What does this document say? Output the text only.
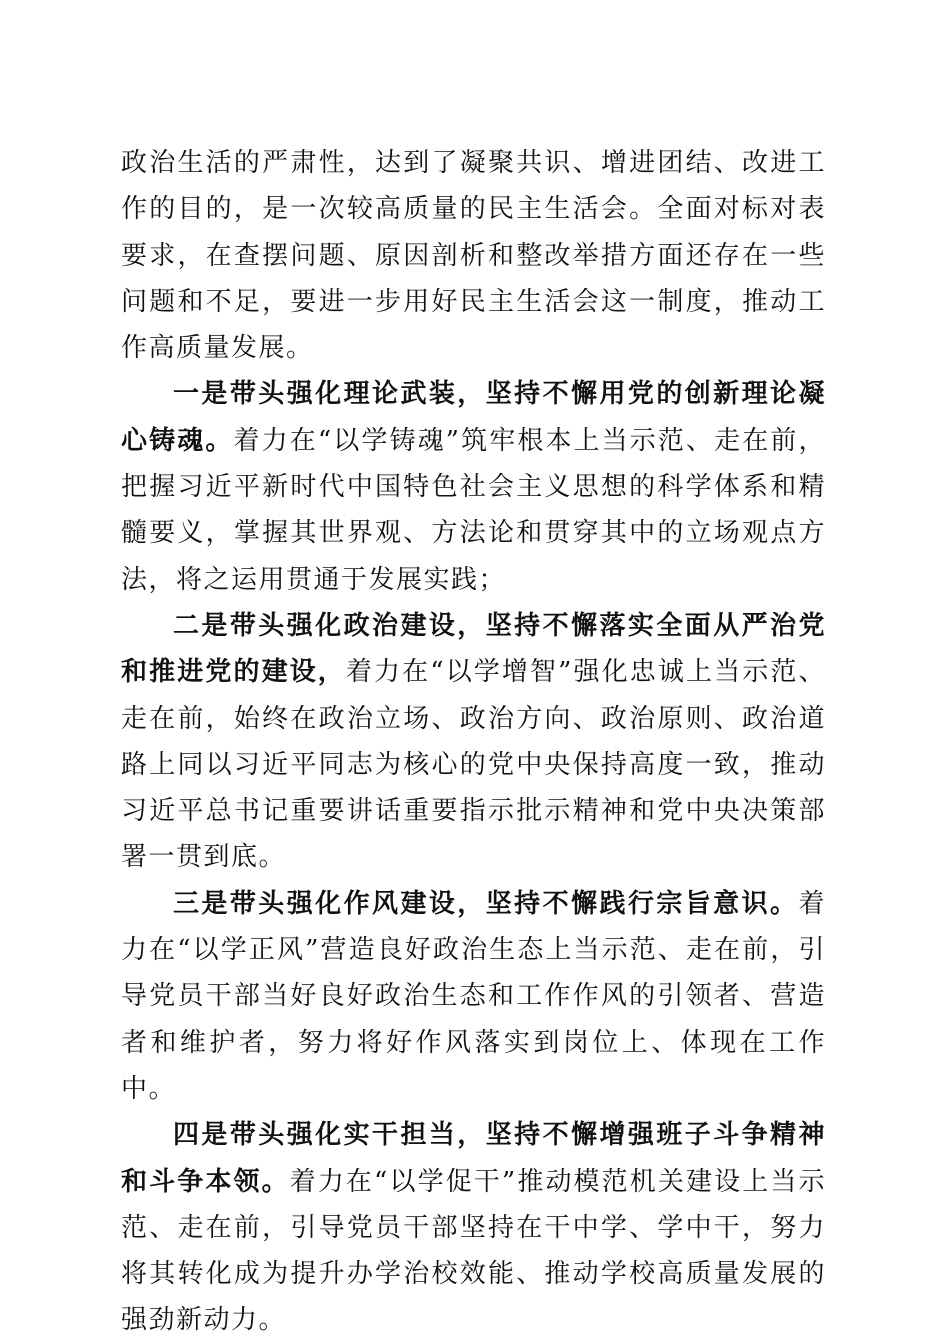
政治生活的严肃性，达到了凝聚共识、增进团结、改进工作的目的，是一次较高质量的民主生活会。全面对标对表要求，在查摆问题、原因剖析和整改举措方面还存在一些问题和不足，要进一步用好民主生活会这一制度，推动工作高质量发展。

一是带头强化理论武装，坚持不懈用党的创新理论凝心铸魂。着力在“以学铸魂”筑牢根本上当示范、走在前，把握习近平新时代中国特色社会主义思想的科学体系和精髓要义，掌握其世界观、方法论和贯穿其中的立场观点方法，将之运用贯通于发展实践；

二是带头强化政治建设，坚持不懈落实全面从严治党和推进党的建设，着力在“以学增智”强化忠诚上当示范、走在前，始终在政治立场、政治方向、政治原则、政治道路上同以习近平同志为核心的党中央保持高度一致，推动习近平总书记重要讲话重要指示批示精神和党中央决策部署一贯到底。

三是带头强化作风建设，坚持不懈践行宗旨意识。着力在“以学正风”营造良好政治生态上当示范、走在前，引导党员干部当好良好政治生态和工作作风的引领者、营造者和维护者，努力将好作风落实到岗位上、体现在工作中。

四是带头强化实干担当，坚持不懈增强班子斗争精神和斗争本领。着力在“以学促干”推动模范机关建设上当示范、走在前，引导党员干部坚持在干中学、学中干，努力将其转化成为提升办学治校效能、推动学校高质量发展的强劲新动力。
